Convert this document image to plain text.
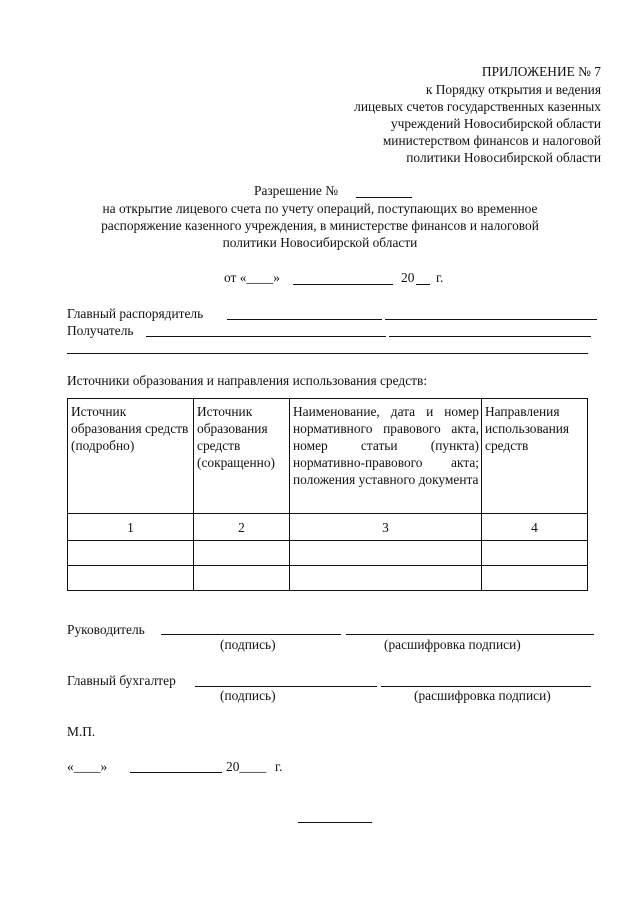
ПРИЛОЖЕНИЕ № 7
к Порядку открытия и ведения
лицевых счетов государственных казенных
учреждений Новосибирской области
министерством финансов и налоговой
политики Новосибирской области
Разрешение №
на открытие лицевого счета по учету операций, поступающих во временное
распоряжение казенного учреждения, в министерстве финансов и налоговой
политики Новосибирской области
от «____»	20 г.
Главный распорядитель
Получатель
Источники образования и направления использования средств:
Источник образования средств (подробно)	Источник образования средств (сокращенно)	Наименование, дата и номер нормативного правового акта, номер статьи (пункта) нормативно-правового акта; положения уставного документа	Направления использования средств
1	2	3	4

Руководитель
(подпись)	(расшифровка подписи)
Главный бухгалтер
(подпись)	(расшифровка подписи)
М.П.
«____»	20____ г.
